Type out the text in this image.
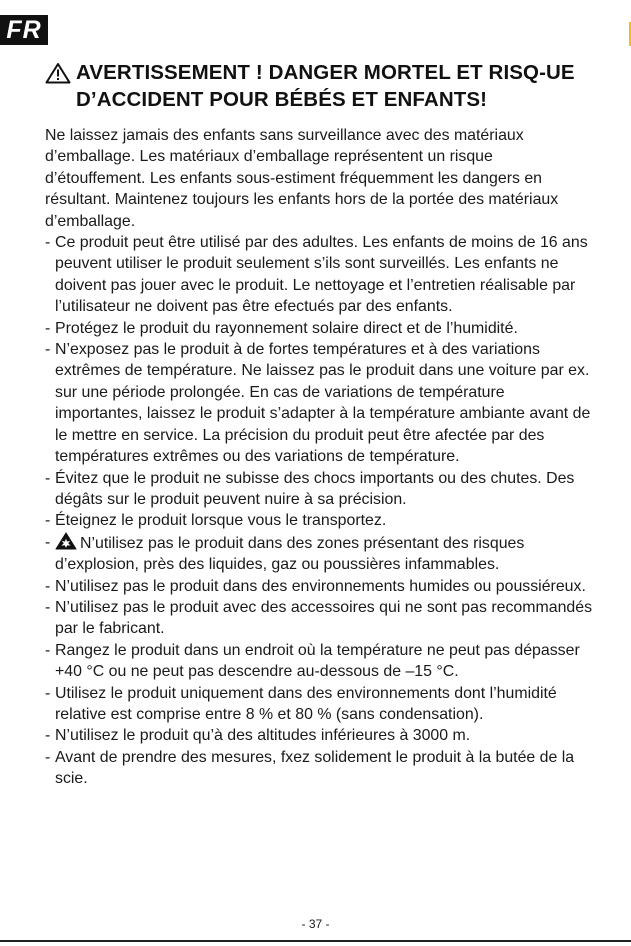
FR
AVERTISSEMENT ! DANGER MORTEL ET RISQ-UE D’ACCIDENT POUR BÉBÉS ET ENFANTS!

Ne laissez jamais des enfants sans surveillance avec des matériaux d’emballage. Les matériaux d’emballage représentent un risque d’étouffement. Les enfants sous-estiment fréquemment les dangers en résultant. Maintenez toujours les enfants hors de la portée des matériaux d’emballage.

- Ce produit peut être utilisé par des adultes. Les enfants de moins de 16 ans peuvent utiliser le produit seulement s’ils sont surveillés. Les enfants ne doivent pas jouer avec le produit. Le nettoyage et l’entretien réalisable par l’utilisateur ne doivent pas être efectués par des enfants.
- Protégez le produit du rayonnement solaire direct et de l’humidité.
- N’exposez pas le produit à de fortes températures et à des variations extrêmes de température. Ne laissez pas le produit dans une voiture par ex. sur une période prolongée. En cas de variations de température importantes, laissez le produit s’adapter à la température ambiante avant de le mettre en service. La précision du produit peut être afectée par des températures extrêmes ou des variations de température.
- Évitez que le produit ne subisse des chocs importants ou des chutes. Des dégâts sur le produit peuvent nuire à sa précision.
- Éteignez le produit lorsque vous le transportez.
- N’utilisez pas le produit dans des zones présentant des risques d’explosion, près des liquides, gaz ou poussières infammables.
- N’utilisez pas le produit dans des environnements humides ou poussiéreux.
- N’utilisez pas le produit avec des accessoires qui ne sont pas recommandés par le fabricant.
- Rangez le produit dans un endroit où la température ne peut pas dépasser +40 °C ou ne peut pas descendre au-dessous de –15 °C.
- Utilisez le produit uniquement dans des environnements dont l’humidité relative est comprise entre 8 % et 80 % (sans condensation).
- N’utilisez le produit qu’à des altitudes inférieures à 3000 m.
- Avant de prendre des mesures, fxez solidement le produit à la butée de la scie.
- 37 -
